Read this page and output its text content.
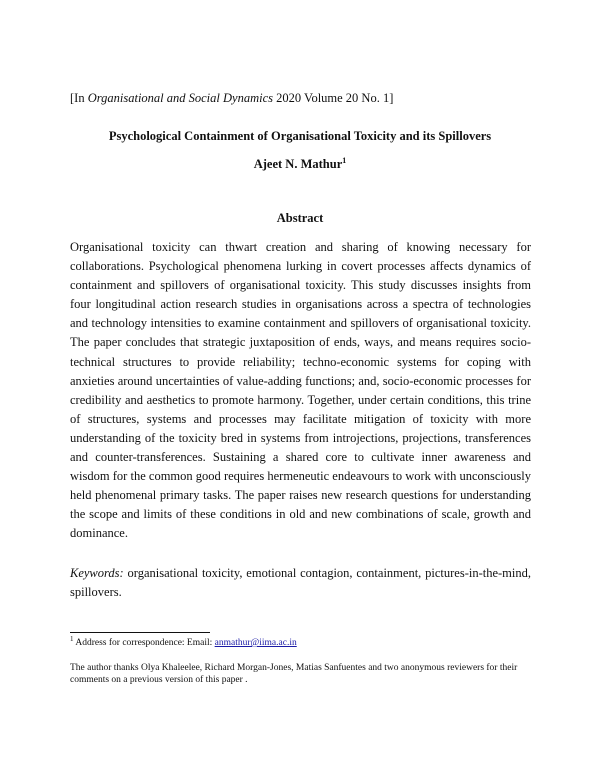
[In Organisational and Social Dynamics 2020 Volume 20 No. 1]
Psychological Containment of Organisational Toxicity and its Spillovers
Ajeet N. Mathur$^1$
Abstract
Organisational toxicity can thwart creation and sharing of knowing necessary for collaborations. Psychological phenomena lurking in covert processes affects dynamics of containment and spillovers of organisational toxicity. This study discusses insights from four longitudinal action research studies in organisations across a spectra of technologies and technology intensities to examine containment and spillovers of organisational toxicity. The paper concludes that strategic juxtaposition of ends, ways, and means requires socio-technical structures to provide reliability; techno-economic systems for coping with anxieties around uncertainties of value-adding functions; and, socio-economic processes for credibility and aesthetics to promote harmony. Together, under certain conditions, this trine of structures, systems and processes may facilitate mitigation of toxicity with more understanding of the toxicity bred in systems from introjections, projections, transferences and counter-transferences. Sustaining a shared core to cultivate inner awareness and wisdom for the common good requires hermeneutic endeavours to work with unconsciously held phenomenal primary tasks. The paper raises new research questions for understanding the scope and limits of these conditions in old and new combinations of scale, growth and dominance.
Keywords: organisational toxicity, emotional contagion, containment, pictures-in-the-mind, spillovers.
$^1$ Address for correspondence: Email: anmathur@iima.ac.in
The author thanks Olya Khaleelee, Richard Morgan-Jones, Matias Sanfuentes and two anonymous reviewers for their comments on a previous version of this paper .
